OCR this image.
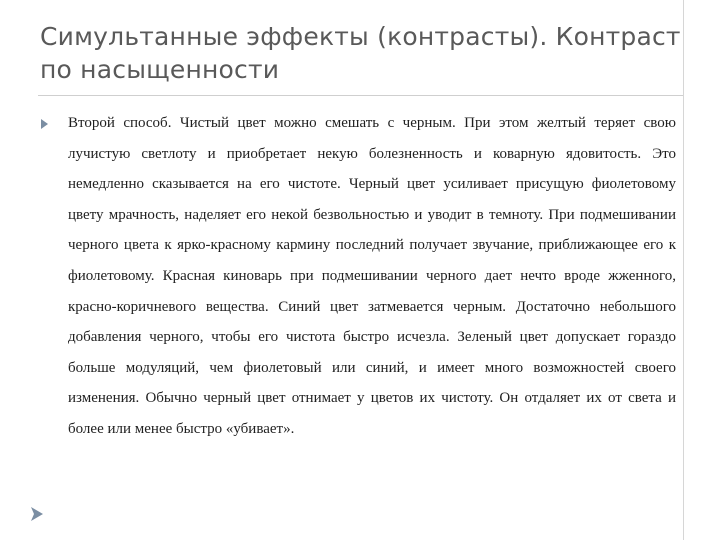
Симультанные эффекты (контрасты). Контраст по насыщенности

Второй способ. Чистый цвет можно смешать с черным. При этом желтый теряет свою лучистую светлоту и приобретает некую болезненность и коварную ядовитость. Это немедленно сказывается на его чистоте. Черный цвет усиливает присущую фиолетовому цвету мрачность, наделяет его некой безвольностью и уводит в темноту. При подмешивании черного цвета к ярко-красному кармину последний получает звучание, приближающее его к фиолетовому. Красная киноварь при подмешивании черного дает нечто вроде жженного, красно-коричневого вещества. Синий цвет затмевается черным. Достаточно небольшого добавления черного, чтобы его чистота быстро исчезла. Зеленый цвет допускает гораздо больше модуляций, чем фиолетовый или синий, и имеет много возможностей своего изменения. Обычно черный цвет отнимает у цветов их чистоту. Он отдаляет их от света и более или менее быстро «убивает».
